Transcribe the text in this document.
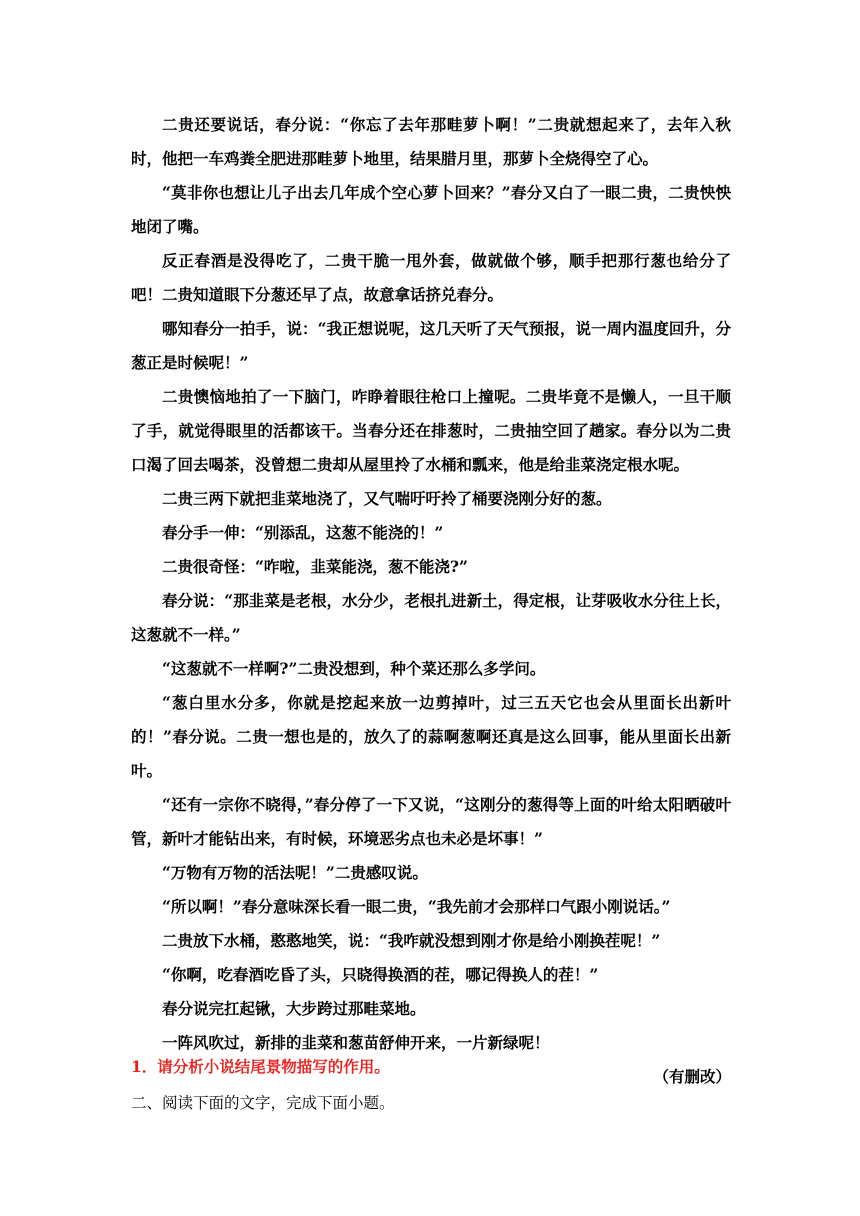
二贵还要说话，春分说：“你忘了去年那畦萝卜啊！”二贵就想起来了，去年入秋时，他把一车鸡粪全肥进那畦萝卜地里，结果腊月里，那萝卜全烧得空了心。

“莫非你也想让儿子出去几年成个空心萝卜回来？”春分又白了一眼二贵，二贵怏怏地闭了嘴。

反正春酒是没得吃了，二贵干脆一甩外套，做就做个够，顺手把那行葱也给分了吧！二贵知道眼下分葱还早了点，故意拿话挤兑春分。

哪知春分一拍手，说：“我正想说呢，这几天听了天气预报，说一周内温度回升，分葱正是时候呢！”

二贵懊恼地拍了一下脑门，咋睁着眼往枪口上撞呢。二贵毕竟不是懒人，一旦干顺了手，就觉得眼里的活都该干。当春分还在排葱时，二贵抽空回了趟家。春分以为二贵口渴了回去喝茶，没曾想二贵却从屋里拎了水桶和瓢来，他是给韭菜浇定根水呢。

二贵三两下就把韭菜地浇了，又气喘吁吁拎了桶要浇刚分好的葱。

春分手一伸：“别添乱，这葱不能浇的！”

二贵很奇怪：“咋啦，韭菜能浇，葱不能浇?”

春分说：“那韭菜是老根，水分少，老根扎进新土，得定根，让芽吸收水分往上长，这葱就不一样。”

“这葱就不一样啊?”二贵没想到，种个菜还那么多学问。

“葱白里水分多，你就是挖起来放一边剪掉叶，过三五天它也会从里面长出新叶的！”春分说。二贵一想也是的，放久了的蒜啊葱啊还真是这么回事，能从里面长出新叶。

“还有一宗你不晓得，”春分停了一下又说，“这刚分的葱得等上面的叶给太阳晒破叶管，新叶才能钻出来，有时候，环境恶劣点也未必是坏事！”

“万物有万物的活法呢！”二贵感叹说。

“所以啊！”春分意味深长看一眼二贵，“我先前才会那样口气跟小刚说话。”

二贵放下水桶，憨憨地笑，说：“我咋就没想到刚才你是给小刚换茬呢！”

“你啊，吃春酒吃昏了头，只晓得换酒的茬，哪记得换人的茬！”

春分说完扛起锹，大步跨过那畦菜地。

一阵风吹过，新排的韭菜和葱苗舒伸开来，一片新绿呢！

（有删改）

1．请分析小说结尾景物描写的作用。

二、阅读下面的文字，完成下面小题。
